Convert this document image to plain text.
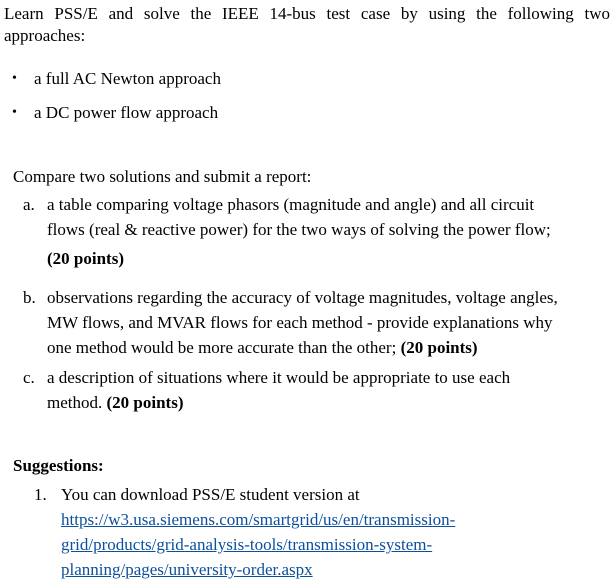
Learn PSS/E and solve the IEEE 14-bus test case by using the following two approaches:
• a full AC Newton approach
• a DC power flow approach
Compare two solutions and submit a report:
a. a table comparing voltage phasors (magnitude and angle) and all circuit
flows (real & reactive power) for the two ways of solving the power flow;
(20 points)
b. observations regarding the accuracy of voltage magnitudes, voltage angles,
MW flows, and MVAR flows for each method - provide explanations why
one method would be more accurate than the other; (20 points)
c. a description of situations where it would be appropriate to use each
method. (20 points)
Suggestions:
1. You can download PSS/E student version at
https://w3.usa.siemens.com/smartgrid/us/en/transmission-
grid/products/grid-analysis-tools/transmission-system-
planning/pages/university-order.aspx
